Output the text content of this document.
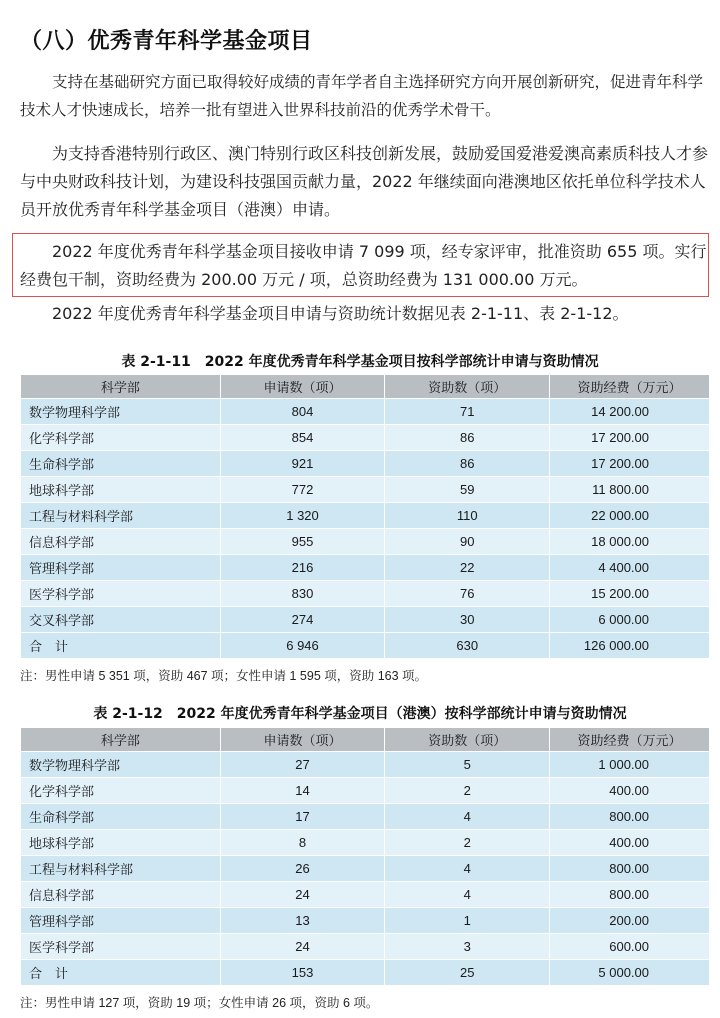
（八）优秀青年科学基金项目

支持在基础研究方面已取得较好成绩的青年学者自主选择研究方向开展创新研究，促进青年科学技术人才快速成长，培养一批有望进入世界科技前沿的优秀学术骨干。

为支持香港特别行政区、澳门特别行政区科技创新发展，鼓励爱国爱港爱澳高素质科技人才参与中央财政科技计划，为建设科技强国贡献力量，2022 年继续面向港澳地区依托单位科学技术人员开放优秀青年科学基金项目（港澳）申请。

2022 年度优秀青年科学基金项目接收申请 7 099 项，经专家评审，批准资助 655 项。实行经费包干制，资助经费为 200.00 万元 / 项，总资助经费为 131 000.00 万元。

2022 年度优秀青年科学基金项目申请与资助统计数据见表 2-1-11、表 2-1-12。

表 2-1-11　2022 年度优秀青年科学基金项目按科学部统计申请与资助情况
科学部	申请数（项）	资助数（项）	资助经费（万元）
数学物理科学部	804	71	14 200.00
化学科学部	854	86	17 200.00
生命科学部	921	86	17 200.00
地球科学部	772	59	11 800.00
工程与材料科学部	1 320	110	22 000.00
信息科学部	955	90	18 000.00
管理科学部	216	22	4 400.00
医学科学部	830	76	15 200.00
交叉科学部	274	30	6 000.00
合　计	6 946	630	126 000.00
注：男性申请 5 351 项，资助 467 项；女性申请 1 595 项，资助 163 项。
表 2-1-12　2022 年度优秀青年科学基金项目（港澳）按科学部统计申请与资助情况
科学部	申请数（项）	资助数（项）	资助经费（万元）
数学物理科学部	27	5	1 000.00
化学科学部	14	2	400.00
生命科学部	17	4	800.00
地球科学部	8	2	400.00
工程与材料科学部	26	4	800.00
信息科学部	24	4	800.00
管理科学部	13	1	200.00
医学科学部	24	3	600.00
合　计	153	25	5 000.00
注：男性申请 127 项，资助 19 项；女性申请 26 项，资助 6 项。
